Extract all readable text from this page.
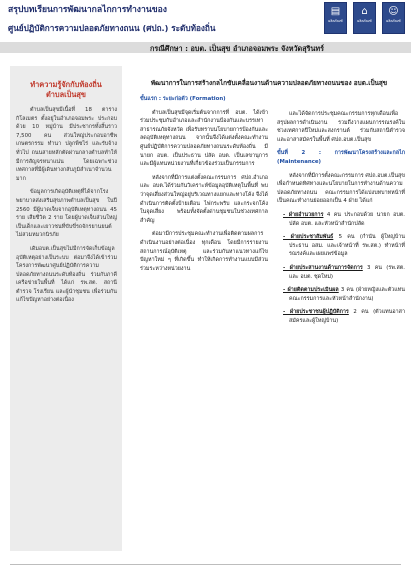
สรุปบทเรียนการพัฒนากลไกการทำงานของ
ศูนย์ปฏิบัติการความปลอดภัยทางถนน (ศปถ.) ระดับท้องถิ่น
▤
ผลิตภัณฑ์
⌂
ผลิตภัณฑ์
☺
ผลิตภัณฑ์
กรณีศึกษา : อบต. เป็นสุข อำเภอจอมพระ จังหวัดสุรินทร์
ทำความรู้จักกับท้องถิ่น
ตำบลเป็นสุข

ตำบลเป็นสุขมีเนื้อที่ 18 ตารางกิโลเมตร ตั้งอยู่ในอำเภอจอมพระ ประกอบด้วย 10 หมู่บ้าน มีประชากรทั้งสิ้นราว 7,500 คน ส่วนใหญ่ประกอบอาชีพเกษตรกรรม ทำนา ปลูกพืชไร่ และรับจ้างทั่วไป ถนนสายหลักตัดผ่านกลางตำบลทำให้มีการสัญจรหนาแน่น โดยเฉพาะช่วงเทศกาลที่มีผู้เดินทางกลับภูมิลำเนาจำนวนมาก

ข้อมูลการเกิดอุบัติเหตุที่ได้จากโรงพยาบาลส่งเสริมสุขภาพตำบลเป็นสุข ในปี 2560 มีผู้บาดเจ็บจากอุบัติเหตุทางถนน 45 ราย เสียชีวิต 2 ราย โดยผู้บาดเจ็บส่วนใหญ่เป็นเด็กและเยาวชนที่ขับขี่รถจักรยานยนต์ไม่สวมหมวกนิรภัย

เดิมอบต.เป็นสุขไม่มีการจัดเก็บข้อมูลอุบัติเหตุอย่างเป็นระบบ ต่อมาจึงได้เข้าร่วมโครงการพัฒนาศูนย์ปฏิบัติการความปลอดภัยทางถนนระดับท้องถิ่น ร่วมกับภาคีเครือข่ายในพื้นที่ ได้แก่ รพ.สต. สถานีตำรวจ โรงเรียน และผู้นำชุมชน เพื่อร่วมกันแก้ไขปัญหาอย่างต่อเนื่อง

พัฒนาการในการสร้างกลไกขับเคลื่อนงานด้านความปลอดภัยทางถนนของ อบต.เป็นสุข

ขั้นแรก : ระยะก่อตัว (Formation)

ตำบลเป็นสุขมีจุดเริ่มต้นจากการที่ อบต. ได้เข้าร่วมประชุมกับอำเภอและสำนักงานป้องกันและบรรเทาสาธารณภัยจังหวัด เพื่อรับทราบนโยบายการป้องกันและลดอุบัติเหตุทางถนน จากนั้นจึงได้แต่งตั้งคณะทำงานศูนย์ปฏิบัติการความปลอดภัยทางถนนระดับท้องถิ่น มีนายก อบต. เป็นประธาน ปลัด อบต. เป็นเลขานุการ และมีผู้แทนหน่วยงานที่เกี่ยวข้องร่วมเป็นกรรมการ

หลังจากที่มีการแต่งตั้งคณะกรรมการ ศปถ.อำเภอและ อบต.ได้ร่วมกันวิเคราะห์ข้อมูลอุบัติเหตุในพื้นที่ พบว่าจุดเสี่ยงส่วนใหญ่อยู่บริเวณทางแยกและทางโค้ง จึงได้ดำเนินการติดตั้งป้ายเตือน ไฟกระพริบ และกระจกโค้งในจุดเสี่ยง พร้อมทั้งจัดตั้งด่านชุมชนในช่วงเทศกาลสำคัญ

ต่อมามีการประชุมคณะทำงานเพื่อติดตามผลการดำเนินงานอย่างต่อเนื่อง ทุกเดือน โดยมีการรายงานสถานการณ์อุบัติเหตุ และร่วมกันหาแนวทางแก้ไขปัญหาใหม่ ๆ ที่เกิดขึ้น ทำให้เกิดการทำงานแบบมีส่วนร่วมระหว่างหน่วยงาน

และได้จัดการประชุมคณะกรรมการทุกเดือนเพื่อสรุปผลการดำเนินงาน รวมถึงวางแผนการรณรงค์ในช่วงเทศกาลปีใหม่และสงกรานต์ ร่วมกับสถานีตำรวจและอาสาสมัครในพื้นที่ ศปถ.อบต.เป็นสุข

ขั้นที่ 2 : การพัฒนาโครงสร้างและกลไก (Maintenance)

หลังจากที่มีการตั้งคณะกรรมการ ศปถ.อบต.เป็นสุข เพื่อกำหนดทิศทางและนโยบายในการทำงานด้านความปลอดภัยทางถนน คณะกรรมการได้แบ่งบทบาทหน้าที่เป็นคณะทำงานย่อยออกเป็น 4 ฝ่าย ได้แก่

- ฝ่ายอำนวยการ 4 คน ประกอบด้วย นายก อบต. ปลัด อบต. และหัวหน้าสำนักปลัด
- ฝ่ายประชาสัมพันธ์ 5 คน (กำนัน ผู้ใหญ่บ้าน ประธาน อสม. และเจ้าหน้าที่ รพ.สต.) ทำหน้าที่รณรงค์และเผยแพร่ข้อมูล
- ฝ่ายประสานงานด้านการจัดการ 3 คน (รพ.สต. และ อบต. ชุดใหม่)
- ฝ่ายติดตามประเมินผล 3 คน (ฝ่ายหญิงและตัวแทนคณะกรรมการและหัวหน้าสำนักงาน)
- ฝ่ายประชาชนผู้ปฏิบัติการ 2 คน (ตัวแทนอาสาสมัครและผู้ใหญ่บ้าน)
